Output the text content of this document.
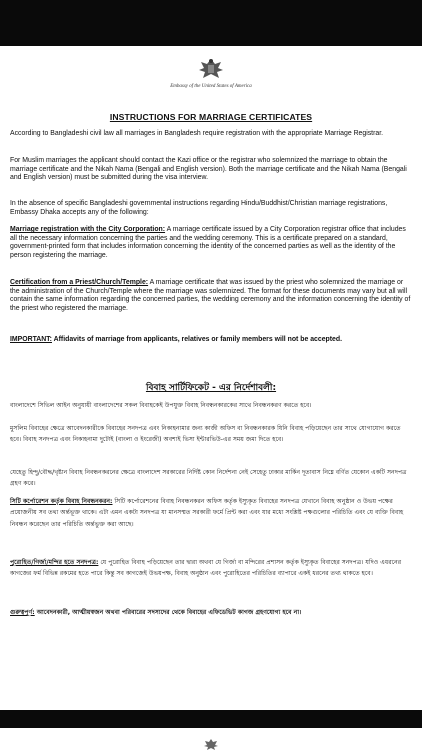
Embassy of the United States of America
INSTRUCTIONS FOR MARRIAGE CERTIFICATES
According to Bangladeshi civil law all marriages in Bangladesh require registration with the appropriate Marriage Registrar.
For Muslim marriages the applicant should contact the Kazi office or the registrar who solemnized the marriage to obtain the marriage certificate and the Nikah Nama (Bengali and English version). Both the marriage certificate and the Nikah Nama (Bengali and English version) must be submitted during the visa interview.
In the absence of specific Bangladeshi governmental instructions regarding Hindu/Buddhist/Christian marriage registrations, Embassy Dhaka accepts any of the following:
Marriage registration with the City Corporation: A marriage certificate issued by a City Corporation registrar office that includes all the necessary information concerning the parties and the wedding ceremony. This is a certificate prepared on a standard, government-printed form that includes information concerning the identity of the concerned parties as well as the identity of the person registering the marriage.
Certification from a Priest/Church/Temple: A marriage certificate that was issued by the priest who solemnized the marriage or the administration of the Church/Temple where the marriage was solemnized. The format for these documents may vary but all will contain the same information regarding the concerned parties, the wedding ceremony and the information concerning the identity of the priest who registered the marriage.
IMPORTANT: Affidavits of marriage from applicants, relatives or family members will not be accepted.
বিবাহ সার্টিফিকেট - এর নির্দেশাবলী:
বাংলাদেশে সিভিল আইন অনুযায়ী বাংলাদেশের সকল বিবাহকেই উপযুক্ত বিবাহ নিবন্ধনকারকের সাথে নিবন্ধনকরণ করতে হবে।
মুসলিম বিবাহের ক্ষেত্রে আবেদনকারীকে বিবাহের সনদপত্র এবং নিকাহনামার জন্য কাজী অফিস বা নিবন্ধনকারক যিনি বিবাহ পড়িয়েছেন তার সাথে যোগাযোগ করতে হবে। বিবাহ সনদপত্র এবং নিকাহনামা দুটোই (বাংলা ও ইংরেজী) অবশ্যই ভিসা ইন্টারভিউ-এর সময় জমা দিতে হবে।
যেহেতু হিন্দু/বৌদ্ধ/খৃষ্টান বিবাহ নিবন্ধনকরনের ক্ষেত্রে বাংলাদেশ সরকারের নির্দিষ্ট কোন নির্দেশনা নেই সেহেতু ঢাকার মার্কিন দূতাবাস নিম্নে বর্ণিত যেকোন একটি সনদপত্র গ্রহণ করে।
সিটি কর্পোরেশন কর্তৃক বিবাহ নিবন্ধনকরন: সিটি কর্পোরেশনের বিবাহ নিবন্ধনকরন অফিস কর্তৃক ইস্যুকৃত বিবাহের সনদপত্র যেখানে বিবাহ অনুষ্ঠান ও উভয় পক্ষের প্রয়োজনীয় সব তথ্য অর্ন্তভূক্ত থাকে। এটা এমন একটা সনদপত্র যা মানসম্মত সরকারী ফর্মে প্রিন্ট করা এবং যার মধ্যে সংশ্লিষ্ট পক্ষগুলোর পরিচিতি এবং যে ব্যক্তি বিবাহ নিবন্ধন করেছেন তার পরিচিতি অর্ন্তভুক্ত করা আছে।
পুরোহিত/গির্জা/মন্দির হতে সনদপত্র: যে পুরোহিত বিবাহ পড়িয়েছেন তার দ্বারা অথবা যে গির্জা বা মন্দিরের প্রশাসন কর্তৃক ইস্যুকৃত বিবাহের সনদপত্র। যদিও এধরনের কাগজের ফর্ম বিভিন্ন রকমের হতে পারে কিন্তু সব কাগজেই উভয়পক্ষ, বিবাহ অনুষ্ঠান এবং পুরোহিতের পরিচিতির ব্যাপারে একই ধরনের তথ্য থাকতে হবে।
গুরুত্বপূর্ণ: আবেদনকারী, আত্মীয়স্বজন অথবা পরিবারের সদস্যদের থেকে বিবাহের এফিডেভিট কাগজ গ্রহণযোগ্য হবে না।
